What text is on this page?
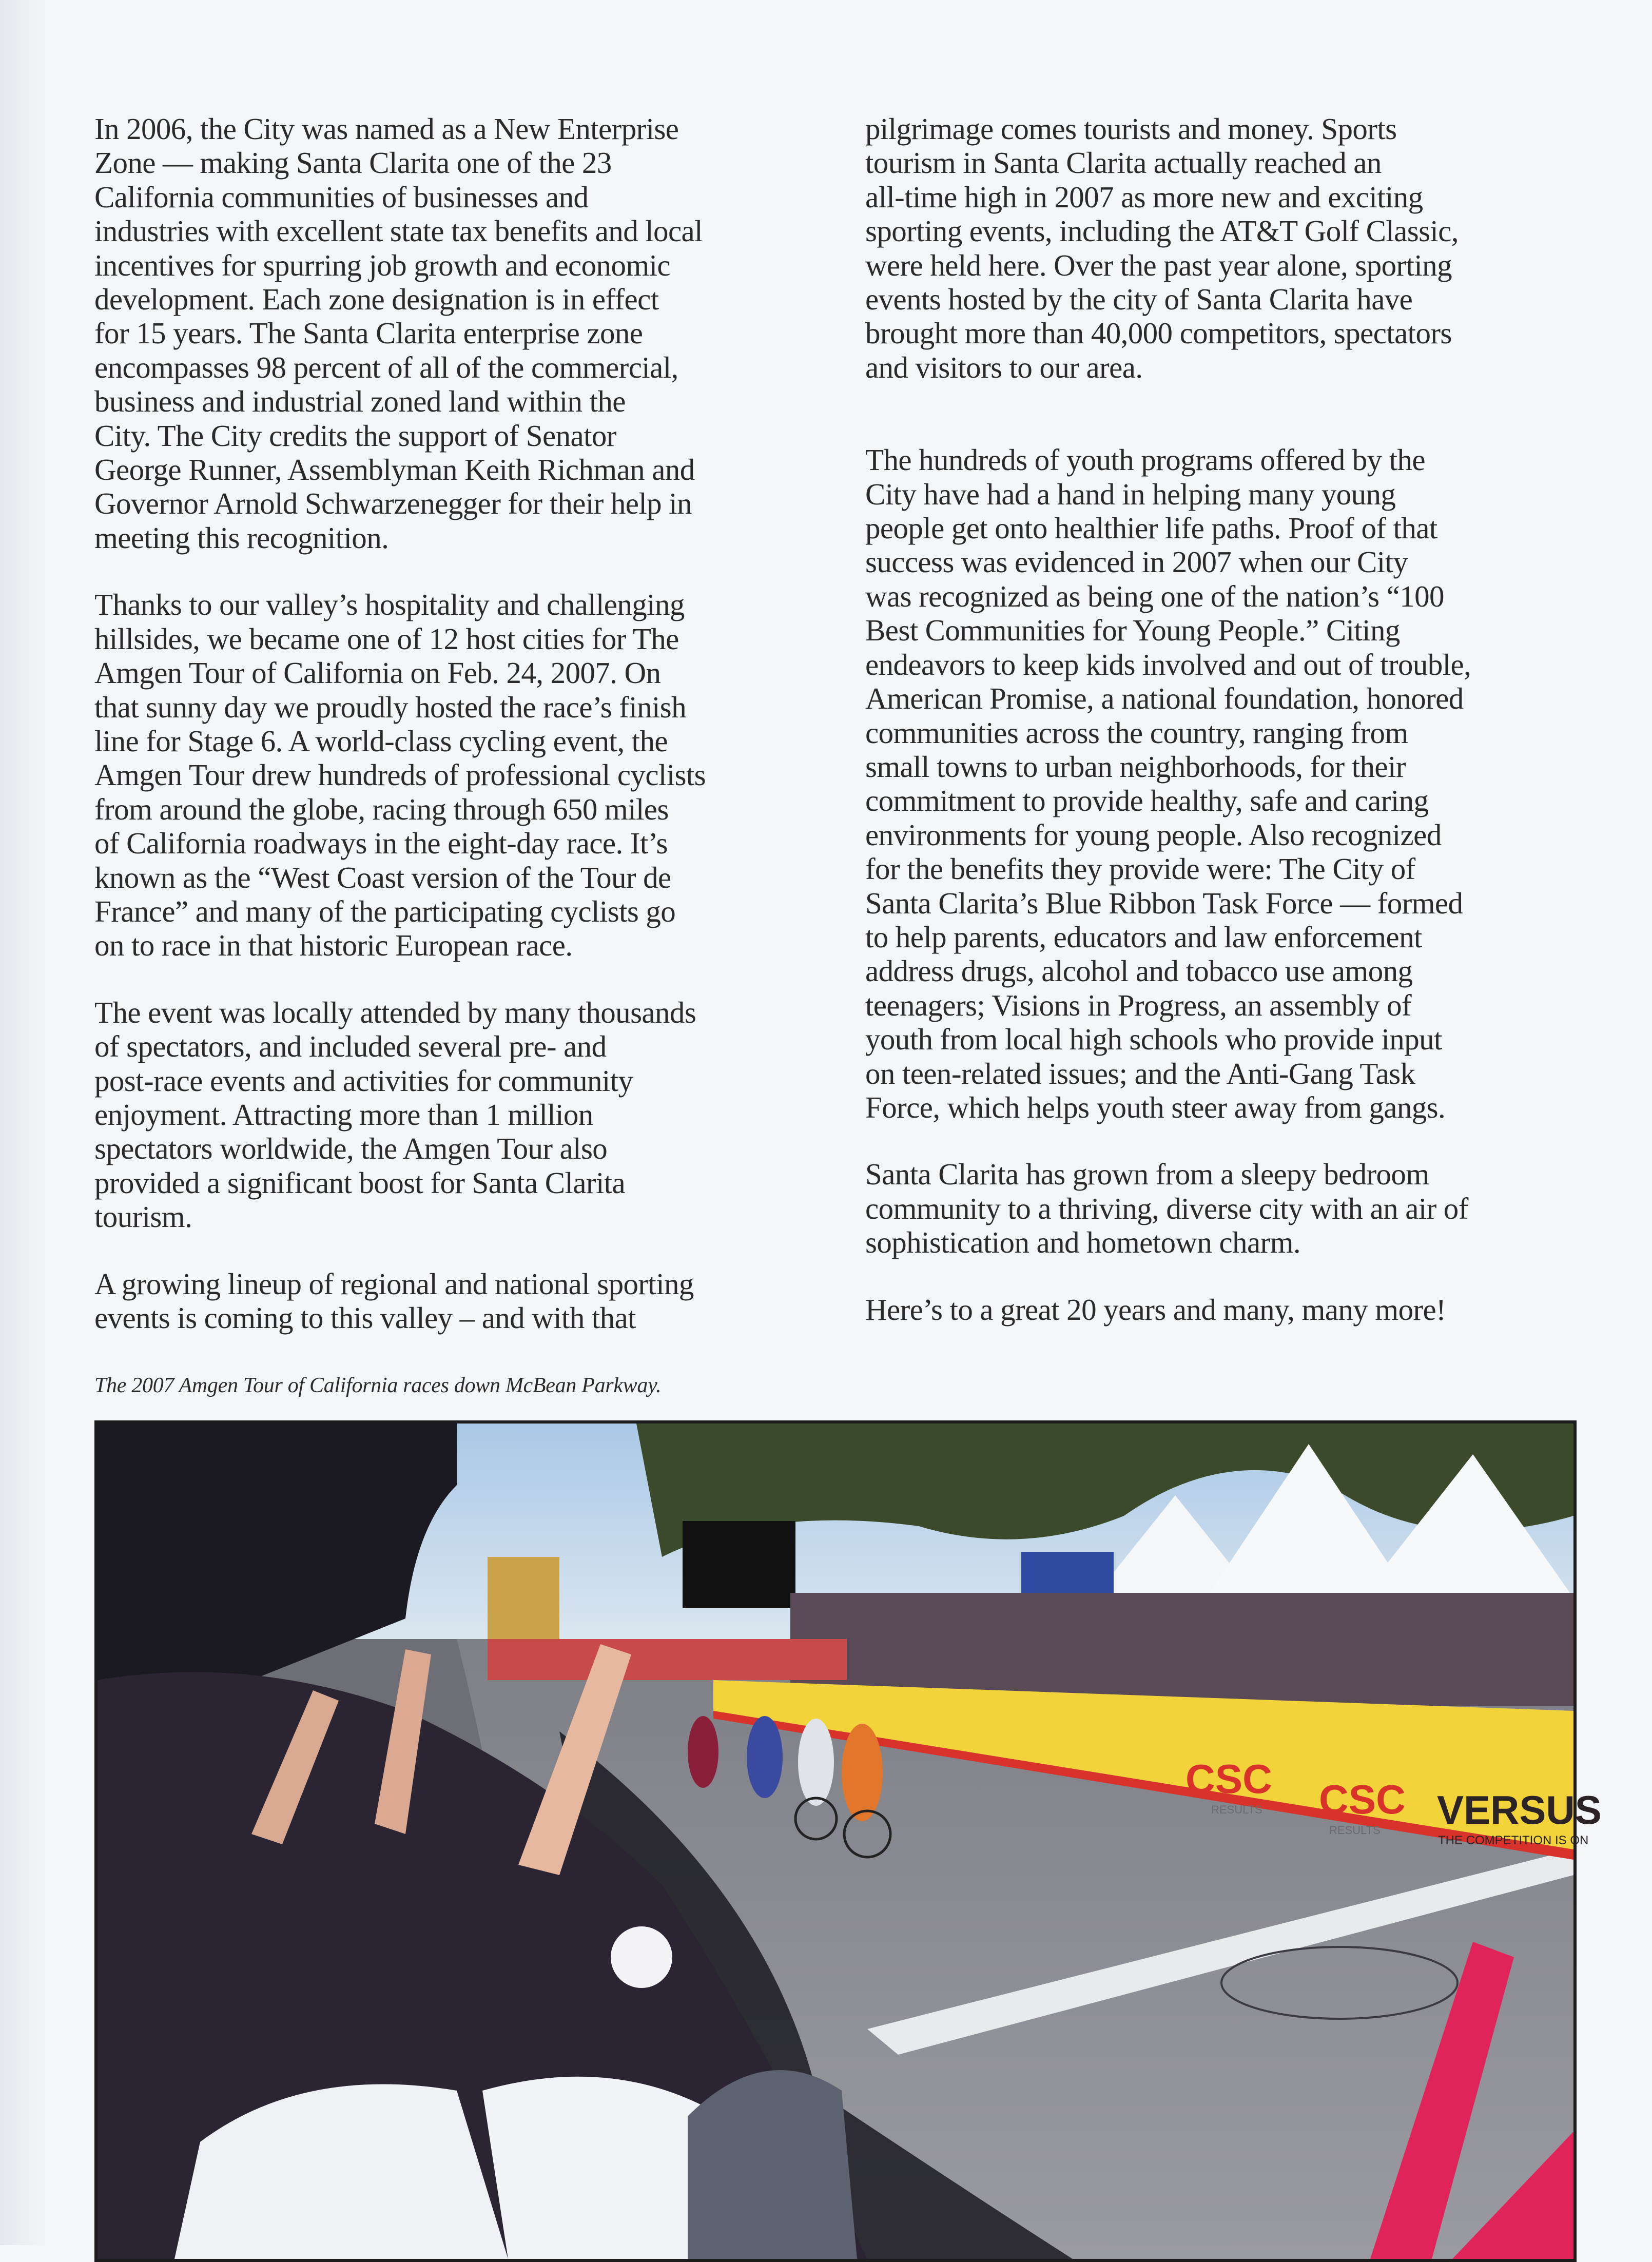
In 2006, the City was named as a New Enterprise
Zone — making Santa Clarita one of the 23
California communities of businesses and
industries with excellent state tax benefits and local
incentives for spurring job growth and economic
development. Each zone designation is in effect
for 15 years. The Santa Clarita enterprise zone
encompasses 98 percent of all of the commercial,
business and industrial zoned land within the
City. The City credits the support of Senator
George Runner, Assemblyman Keith Richman and
Governor Arnold Schwarzenegger for their help in
meeting this recognition.

Thanks to our valley’s hospitality and challenging
hillsides, we became one of 12 host cities for The
Amgen Tour of California on Feb. 24, 2007. On
that sunny day we proudly hosted the race’s finish
line for Stage 6. A world-class cycling event, the
Amgen Tour drew hundreds of professional cyclists
from around the globe, racing through 650 miles
of California roadways in the eight-day race. It’s
known as the “West Coast version of the Tour de
France” and many of the participating cyclists go
on to race in that historic European race.

The event was locally attended by many thousands
of spectators, and included several pre- and
post-race events and activities for community
enjoyment. Attracting more than 1 million
spectators worldwide, the Amgen Tour also
provided a significant boost for Santa Clarita
tourism.

A growing lineup of regional and national sporting
events is coming to this valley – and with that

pilgrimage comes tourists and money. Sports
tourism in Santa Clarita actually reached an
all-time high in 2007 as more new and exciting
sporting events, including the AT&T Golf Classic,
were held here. Over the past year alone, sporting
events hosted by the city of Santa Clarita have
brought more than 40,000 competitors, spectators
and visitors to our area.

The hundreds of youth programs offered by the
City have had a hand in helping many young
people get onto healthier life paths. Proof of that
success was evidenced in 2007 when our City
was recognized as being one of the nation’s “100
Best Communities for Young People.” Citing
endeavors to keep kids involved and out of trouble,
American Promise, a national foundation, honored
communities across the country, ranging from
small towns to urban neighborhoods, for their
commitment to provide healthy, safe and caring
environments for young people. Also recognized
for the benefits they provide were: The City of
Santa Clarita’s Blue Ribbon Task Force — formed
to help parents, educators and law enforcement
address drugs, alcohol and tobacco use among
teenagers; Visions in Progress, an assembly of
youth from local high schools who provide input
on teen-related issues; and the Anti-Gang Task
Force, which helps youth steer away from gangs.

Santa Clarita has grown from a sleepy bedroom
community to a thriving, diverse city with an air of
sophistication and hometown charm.

Here’s to a great 20 years and many, many more!

The 2007 Amgen Tour of California races down McBean Parkway.
CSC CSC
RESULTS
RESULTS VERSUS
THE COMPETITION IS ON
